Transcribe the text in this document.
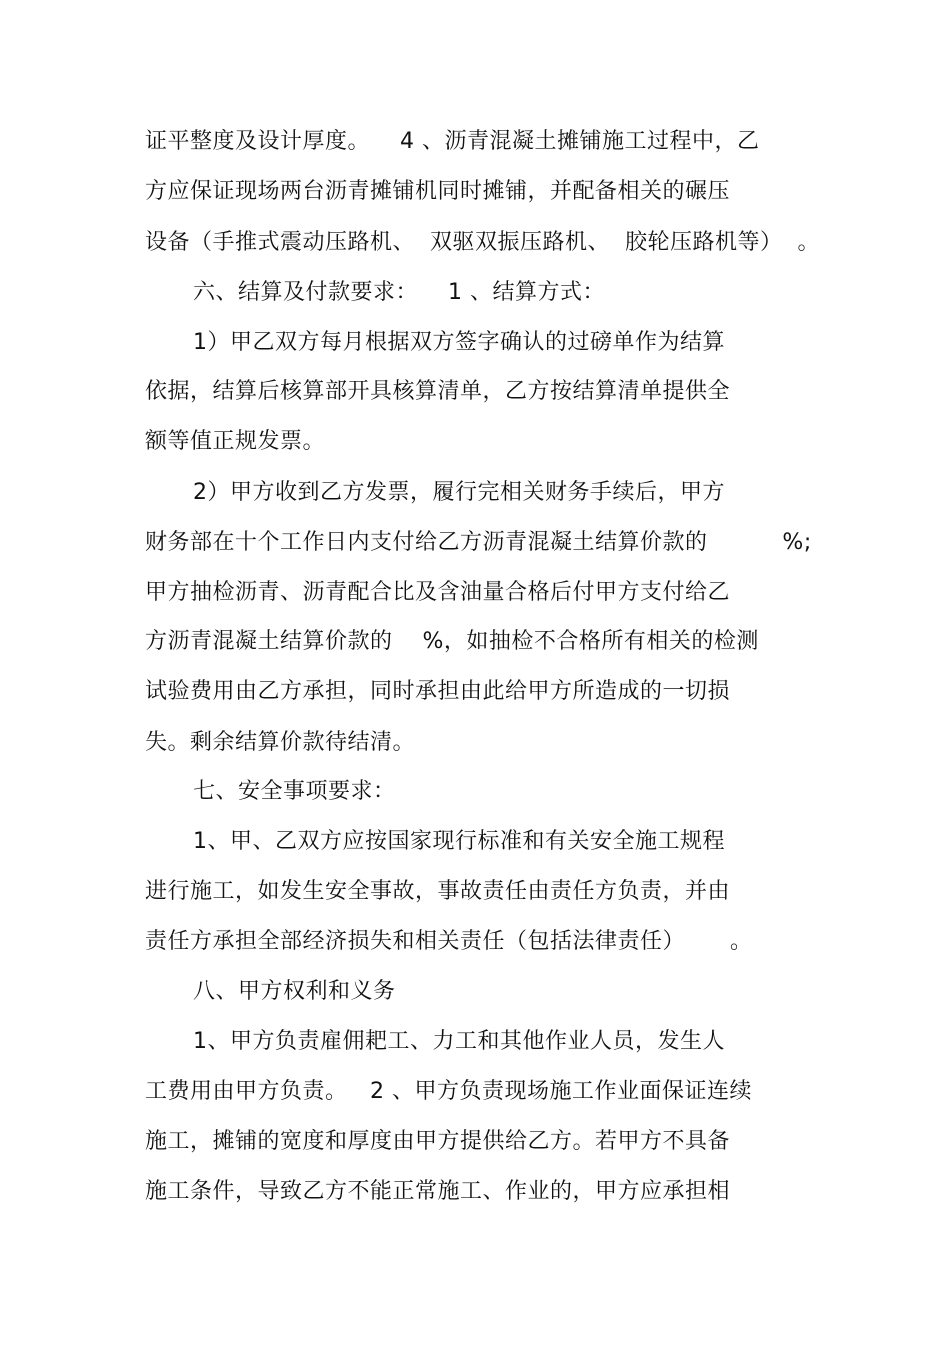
证平整度及设计厚度。    4 、沥青混凝土摊铺施工过程中，乙
方应保证现场两台沥青摊铺机同时摊铺，并配备相关的碾压
设备（手推式震动压路机、  双驱双振压路机、  胶轮压路机等）  。
六、结算及付款要求：    1 、结算方式：
1）甲乙双方每月根据双方签字确认的过磅单作为结算
依据，结算后核算部开具核算清单，乙方按结算清单提供全
额等值正规发票。
2）甲方收到乙方发票，履行完相关财务手续后，甲方
财务部在十个工作日内支付给乙方沥青混凝土结算价款的          %;
甲方抽检沥青、沥青配合比及含油量合格后付甲方支付给乙
方沥青混凝土结算价款的    %，如抽检不合格所有相关的检测
试验费用由乙方承担，同时承担由此给甲方所造成的一切损
失。剩余结算价款待结清。
七、安全事项要求：
1、甲、乙双方应按国家现行标准和有关安全施工规程
进行施工，如发生安全事故，事故责任由责任方负责，并由
责任方承担全部经济损失和相关责任（包括法律责任）      。
八、甲方权利和义务
1、甲方负责雇佣耙工、力工和其他作业人员，发生人
工费用由甲方负责。   2 、甲方负责现场施工作业面保证连续
施工，摊铺的宽度和厚度由甲方提供给乙方。若甲方不具备
施工条件，导致乙方不能正常施工、作业的，甲方应承担相
